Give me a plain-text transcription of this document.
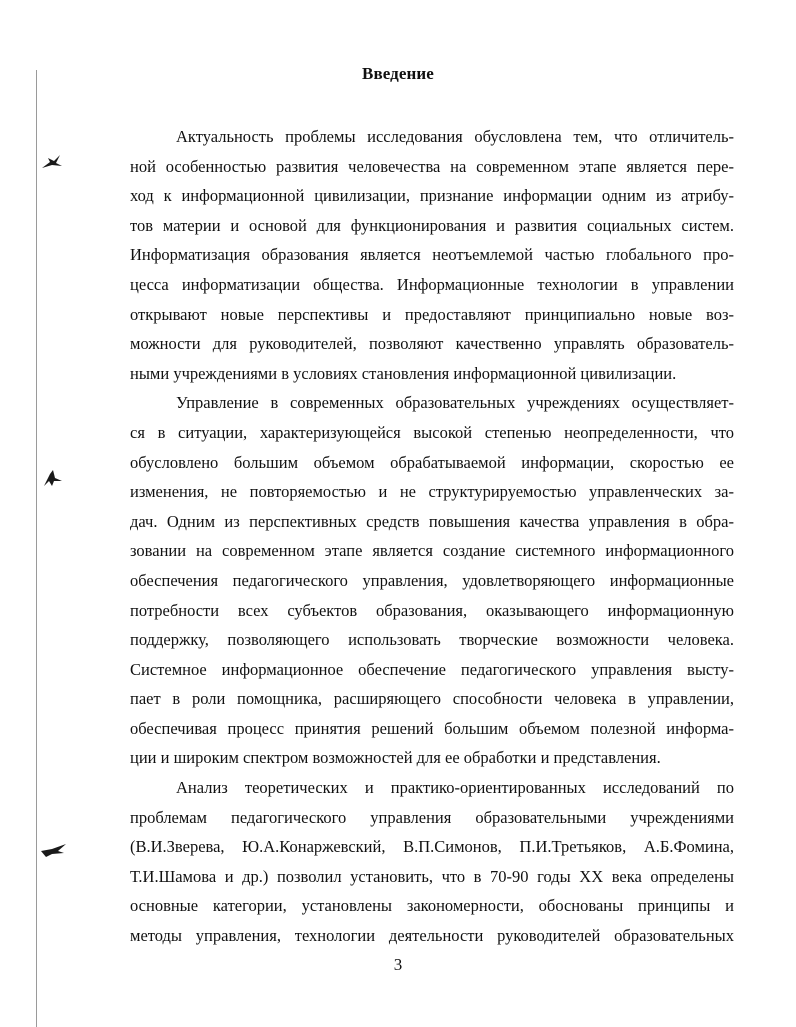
Введение

Актуальность проблемы исследования обусловлена тем, что отличитель-
ной особенностью развития человечества на современном этапе является пере-
ход к информационной цивилизации, признание информации одним из атрибу-
тов материи и основой для функционирования и развития социальных систем.
Информатизация образования является неотъемлемой частью глобального про-
цесса информатизации общества. Информационные технологии в управлении
открывают новые перспективы и предоставляют принципиально новые воз-
можности для руководителей, позволяют качественно управлять образователь-
ными учреждениями в условиях становления информационной цивилизации.

Управление в современных образовательных учреждениях осуществляет-
ся в ситуации, характеризующейся высокой степенью неопределенности, что
обусловлено большим объемом обрабатываемой информации, скоростью ее
изменения, не повторяемостью и не структурируемостью управленческих за-
дач. Одним из перспективных средств повышения качества управления в обра-
зовании на современном этапе является создание системного информационного
обеспечения педагогического управления, удовлетворяющего информационные
потребности всех субъектов образования, оказывающего информационную
поддержку, позволяющего использовать творческие возможности человека.
Системное информационное обеспечение педагогического управления высту-
пает в роли помощника, расширяющего способности человека в управлении,
обеспечивая процесс принятия решений большим объемом полезной информа-
ции и широким спектром возможностей для ее обработки и представления.

Анализ теоретических и практико-ориентированных исследований по
проблемам педагогического управления образовательными учреждениями
(В.И.Зверева, Ю.А.Конаржевский, В.П.Симонов, П.И.Третьяков, А.Б.Фомина,
Т.И.Шамова и др.) позволил установить, что в 70-90 годы XX века определены
основные категории, установлены закономерности, обоснованы принципы и
методы управления, технологии деятельности руководителей образовательных

3
